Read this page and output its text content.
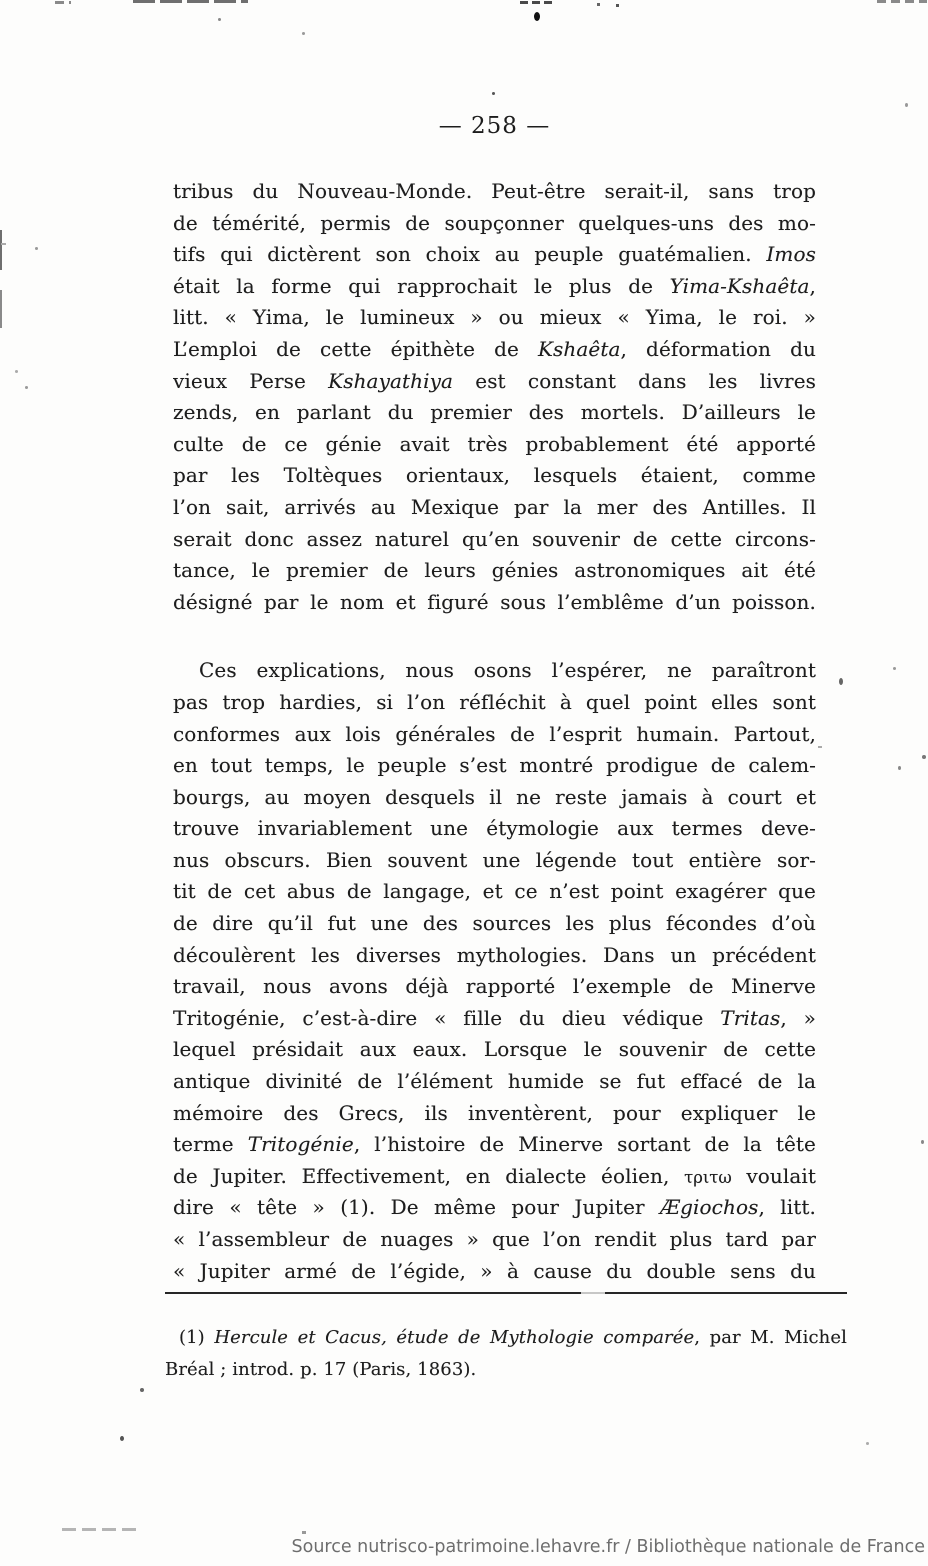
— 258 —
tribus du Nouveau-Monde. Peut-être serait-il, sans trop
de témérité, permis de soupçonner quelques-uns des mo-
tifs qui dictèrent son choix au peuple guatémalien. Imos
était la forme qui rapprochait le plus de Yima-Kshaêta,
litt. « Yima, le lumineux » ou mieux « Yima, le roi. »
L’emploi de cette épithète de Kshaêta, déformation du
vieux Perse Kshayathiya est constant dans les livres
zends, en parlant du premier des mortels. D’ailleurs le
culte de ce génie avait très probablement été apporté
par les Toltèques orientaux, lesquels étaient, comme
l’on sait, arrivés au Mexique par la mer des Antilles. Il
serait donc assez naturel qu’en souvenir de cette circons-
tance, le premier de leurs génies astronomiques ait été
désigné par le nom et figuré sous l’emblême d’un poisson.
Ces explications, nous osons l’espérer, ne paraîtront
pas trop hardies, si l’on réfléchit à quel point elles sont
conformes aux lois générales de l’esprit humain. Partout,
en tout temps, le peuple s’est montré prodigue de calem-
bourgs, au moyen desquels il ne reste jamais à court et
trouve invariablement une étymologie aux termes deve-
nus obscurs. Bien souvent une légende tout entière sor-
tit de cet abus de langage, et ce n’est point exagérer que
de dire qu’il fut une des sources les plus fécondes d’où
découlèrent les diverses mythologies. Dans un précédent
travail, nous avons déjà rapporté l’exemple de Minerve
Tritogénie, c’est-à-dire « fille du dieu védique Tritas, »
lequel présidait aux eaux. Lorsque le souvenir de cette
antique divinité de l’élément humide se fut effacé de la
mémoire des Grecs, ils inventèrent, pour expliquer le
terme Tritogénie, l’histoire de Minerve sortant de la tête
de Jupiter. Effectivement, en dialecte éolien, τριτω voulait
dire « tête » (1). De même pour Jupiter Ægiochos, litt.
« l’assembleur de nuages » que l’on rendit plus tard par
« Jupiter armé de l’égide, » à cause du double sens du
(1) Hercule et Cacus, étude de Mythologie comparée, par M. Michel
Bréal ; introd. p. 17 (Paris, 1863).
Source nutrisco-patrimoine.lehavre.fr / Bibliothèque nationale de France
